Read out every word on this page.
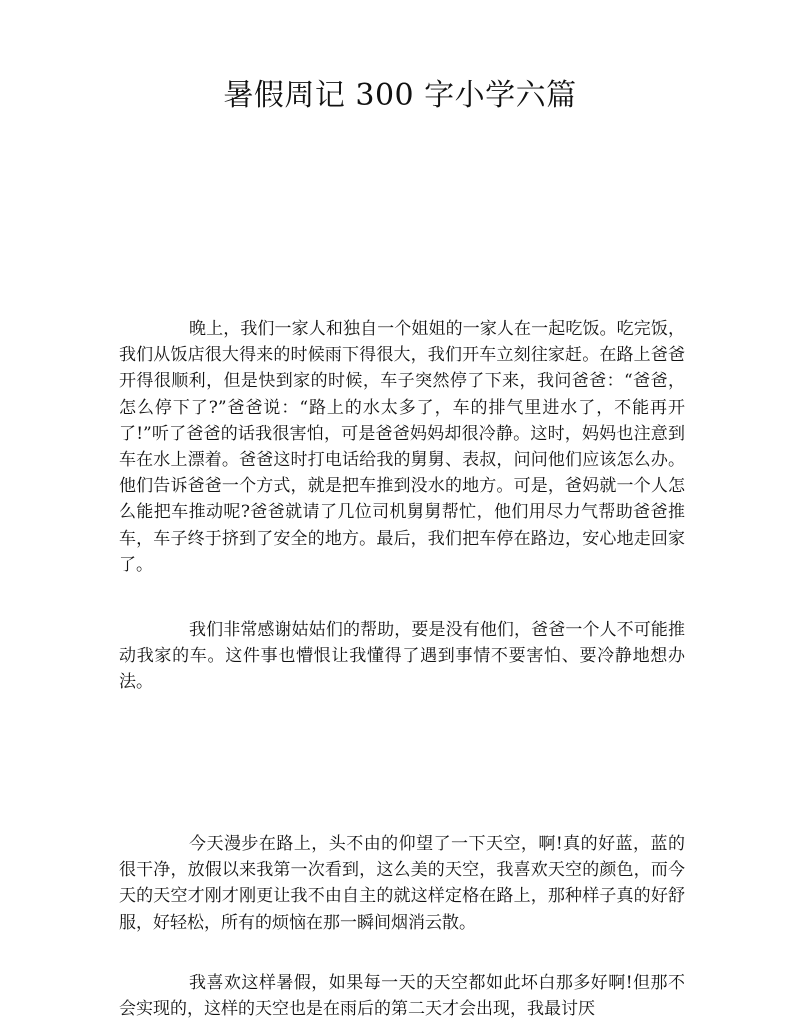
暑假周记 300 字小学六篇

晚上，我们一家人和独自一个姐姐的一家人在一起吃饭。吃完饭，我们从饭店很大得来的时候雨下得很大，我们开车立刻往家赶。在路上爸爸开得很顺利，但是快到家的时候，车子突然停了下来，我问爸爸：“爸爸，怎么停下了?”爸爸说：“路上的水太多了，车的排气里进水了，不能再开了!”听了爸爸的话我很害怕，可是爸爸妈妈却很冷静。这时，妈妈也注意到车在水上漂着。爸爸这时打电话给我的舅舅、表叔，问问他们应该怎么办。他们告诉爸爸一个方式，就是把车推到没水的地方。可是，爸妈就一个人怎么能把车推动呢?爸爸就请了几位司机舅舅帮忙，他们用尽力气帮助爸爸推车，车子终于挤到了安全的地方。最后，我们把车停在路边，安心地走回家了。

我们非常感谢姑姑们的帮助，要是没有他们，爸爸一个人不可能推动我家的车。这件事也懵恨让我懂得了遇到事情不要害怕、要冷静地想办法。

今天漫步在路上，头不由的仰望了一下天空，啊!真的好蓝，蓝的很干净，放假以来我第一次看到，这么美的天空，我喜欢天空的颜色，而今天的天空才刚才刚更让我不由自主的就这样定格在路上，那种样子真的好舒服，好轻松，所有的烦恼在那一瞬间烟消云散。

我喜欢这样暑假，如果每一天的天空都如此坏白那多好啊!但那不会实现的，这样的天空也是在雨后的第二天才会出现，我最讨厌
